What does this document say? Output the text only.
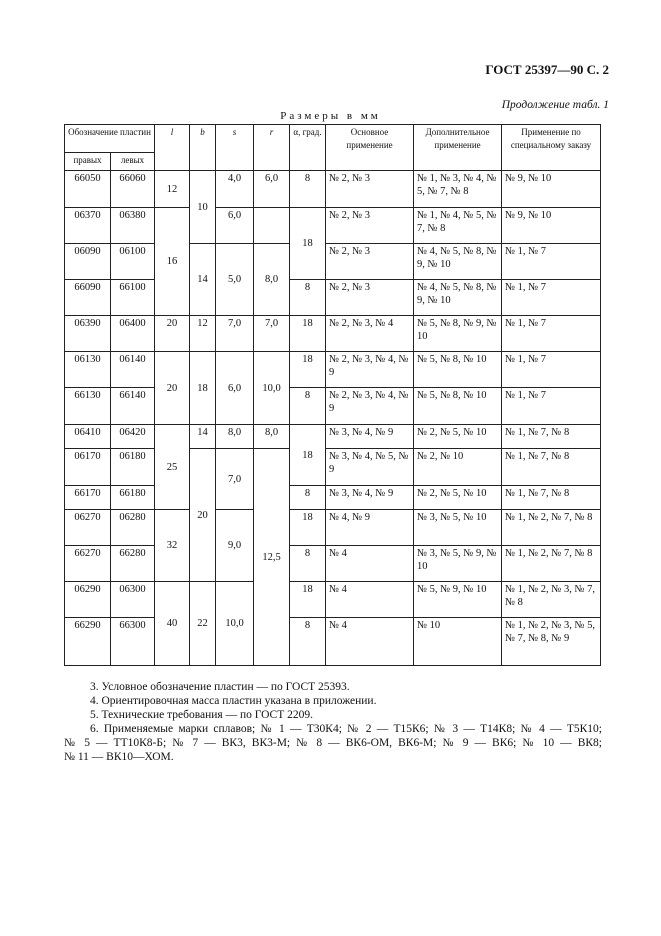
ГОСТ 25397—90 С. 2
Продолжение табл. 1
Размеры в мм
Обозначение пластин		l	b	s	r	α, град.	Основное применение	Дополнительное применение	Применение по специальному заказу
правых	левых								
66050	66060	12	10	4,0	6,0	8	№ 2, № 3	№ 1, № 3, № 4, № 5, № 7, № 8	№ 9, № 10
06370	06380	16		6,0		18	№ 2, № 3	№ 1, № 4, № 5, № 7, № 8	№ 9, № 10
06090	06100		14	5,0	8,0		№ 2, № 3	№ 4, № 5, № 8, № 9, № 10	№ 1, № 7
66090	66100					8	№ 2, № 3	№ 4, № 5, № 8, № 9, № 10	№ 1, № 7
06390	06400	20	12	7,0	7,0	18	№ 2, № 3, № 4	№ 5, № 8, № 9, № 10	№ 1, № 7
06130	06140	20	18	6,0	10,0	18	№ 2, № 3, № 4, № 9	№ 5, № 8, № 10	№ 1, № 7
66130	66140					8	№ 2, № 3, № 4, № 9	№ 5, № 8, № 10	№ 1, № 7
06410	06420	25	14	8,0	8,0	18	№ 3, № 4, № 9	№ 2, № 5, № 10	№ 1, № 7, № 8
06170	06180		20	7,0	12,5		№ 3, № 4, № 5, № 9	№ 2, № 10	№ 1, № 7, № 8
66170	66180					8	№ 3, № 4, № 9	№ 2, № 5, № 10	№ 1, № 7, № 8
06270	06280	32		9,0		18	№ 4, № 9	№ 3, № 5, № 10	№ 1, № 2, № 7, № 8
66270	66280					8	№ 4	№ 3, № 5, № 9, № 10	№ 1, № 2, № 7, № 8
06290	06300	40	22	10,0		18	№ 4	№ 5, № 9, № 10	№ 1, № 2, № 3, № 7, № 8
66290	66300					8	№ 4	№ 10	№ 1, № 2, № 3, № 5, № 7, № 8, № 9

3. Условное обозначение пластин — по ГОСТ 25393.

4. Ориентировочная масса пластин указана в приложении.

5. Технические требования — по ГОСТ 2209.

6. Применяемые марки сплавов; № 1 — Т30К4; № 2 — Т15К6; № 3 — Т14К8; № 4 — Т5К10;

№ 5 — ТТ10К8-Б; № 7 — ВК3, ВК3-М; № 8 — ВК6-ОМ, ВК6-М; № 9 — ВК6; № 10 — ВК8;

№ 11 — ВК10—ХОМ.
